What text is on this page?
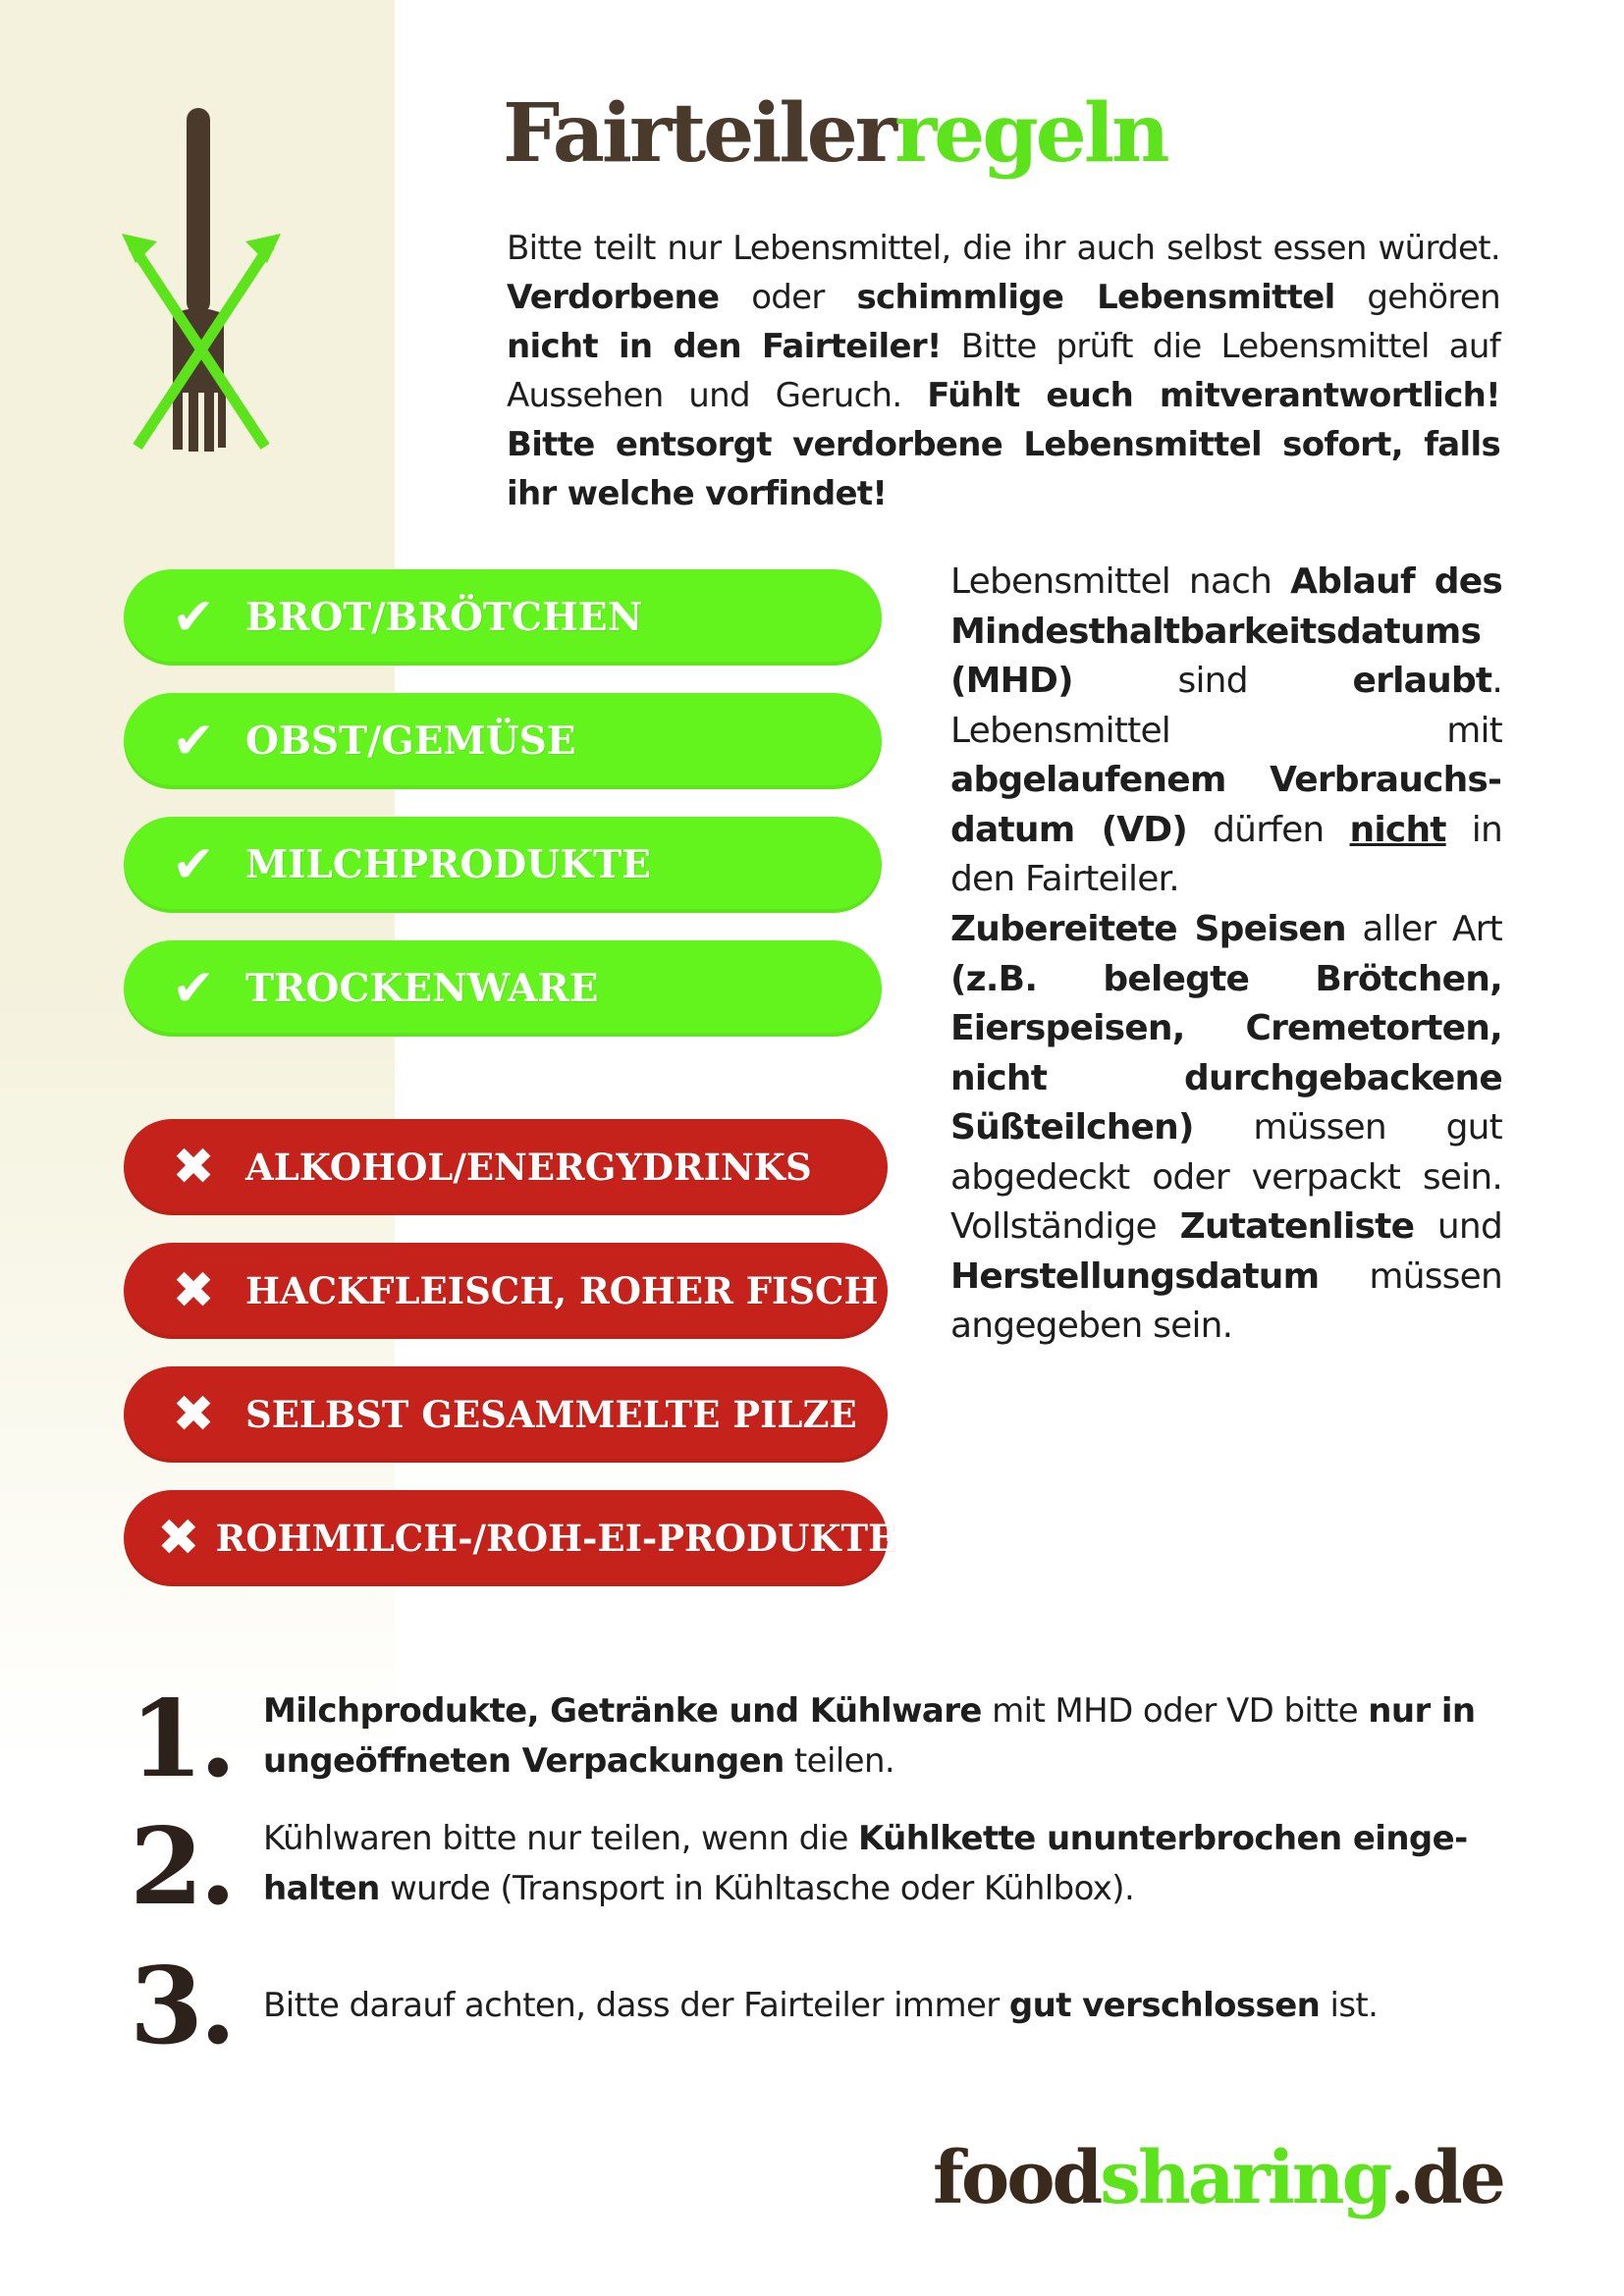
Fairteilerregeln

Bitte teilt nur Lebensmittel, die ihr auch selbst essen würdet. Verdorbene oder schimmlige Lebensmittel gehören nicht in den Fairteiler! Bitte prüft die Lebensmittel auf Aussehen und Geruch. Fühlt euch mitverantwortlich! Bitte entsorgt verdorbene Lebensmittel sofort, falls ihr welche vorfindet!

✔ BROT/BRÖTCHEN
✔ OBST/GEMÜSE
✔ MILCHPRODUKTE
✔ TROCKENWARE
✖ ALKOHOL/ENERGYDRINKS
✖ HACKFLEISCH, ROHER FISCH
✖ SELBST GESAMMELTE PILZE
✖ ROHMILCH-/ROH-EI-PRODUKTE

Lebensmittel nach Ablauf des Mindesthaltbarkeitsdatums (MHD) sind erlaubt. Lebensmittel mit abgelaufenem Verbrauchsdatum (VD) dürfen nicht in den Fairteiler.

Zubereitete Speisen aller Art (z.B. belegte Brötchen, Eierspeisen, Cremetorten, nicht durchgebackene Süßteilchen) müssen gut abgedeckt oder verpackt sein. Vollständige Zutatenliste und Herstellungsdatum müssen angegeben sein.

1. Milchprodukte, Getränke und Kühlware mit MHD oder VD bitte nur in ungeöffneten Verpackungen teilen.

2. Kühlwaren bitte nur teilen, wenn die Kühlkette ununterbrochen eingehalten wurde (Transport in Kühltasche oder Kühlbox).

3. Bitte darauf achten, dass der Fairteiler immer gut verschlossen ist.

foodsharing.de
